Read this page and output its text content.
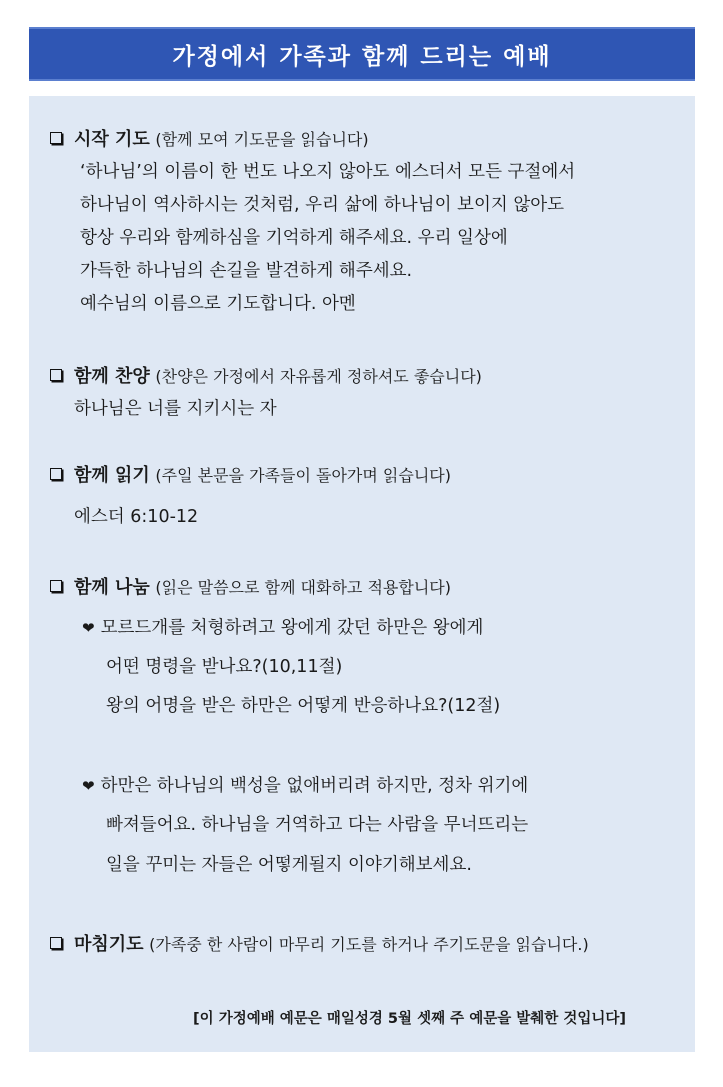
가정에서 가족과 함께 드리는 예배
시작 기도 (함께 모여 기도문을 읽습니다)
‘하나님’의 이름이 한 번도 나오지 않아도 에스더서 모든 구절에서
하나님이 역사하시는 것처럼, 우리 삶에 하나님이 보이지 않아도
항상 우리와 함께하심을 기억하게 해주세요. 우리 일상에
가득한 하나님의 손길을 발견하게 해주세요.
예수님의 이름으로 기도합니다. 아멘
함께 찬양 (찬양은 가정에서 자유롭게 정하셔도 좋습니다)
하나님은 너를 지키시는 자
함께 읽기 (주일 본문을 가족들이 돌아가며 읽습니다)
에스더 6:10-12
함께 나눔 (읽은 말씀으로 함께 대화하고 적용합니다)
❤ 모르드개를 처형하려고 왕에게 갔던 하만은 왕에게
어떤 명령을 받나요?(10,11절)
왕의 어명을 받은 하만은 어떻게 반응하나요?(12절)
❤ 하만은 하나님의 백성을 없애버리려 하지만, 정차 위기에
빠져들어요. 하나님을 거역하고 다는 사람을 무너뜨리는
일을 꾸미는 자들은 어떻게될지 이야기해보세요.
마침기도 (가족중 한 사람이 마무리 기도를 하거나 주기도문을 읽습니다.)
[이 가정예배 예문은 매일성경 5월 셋째 주 예문을 발췌한 것입니다]
